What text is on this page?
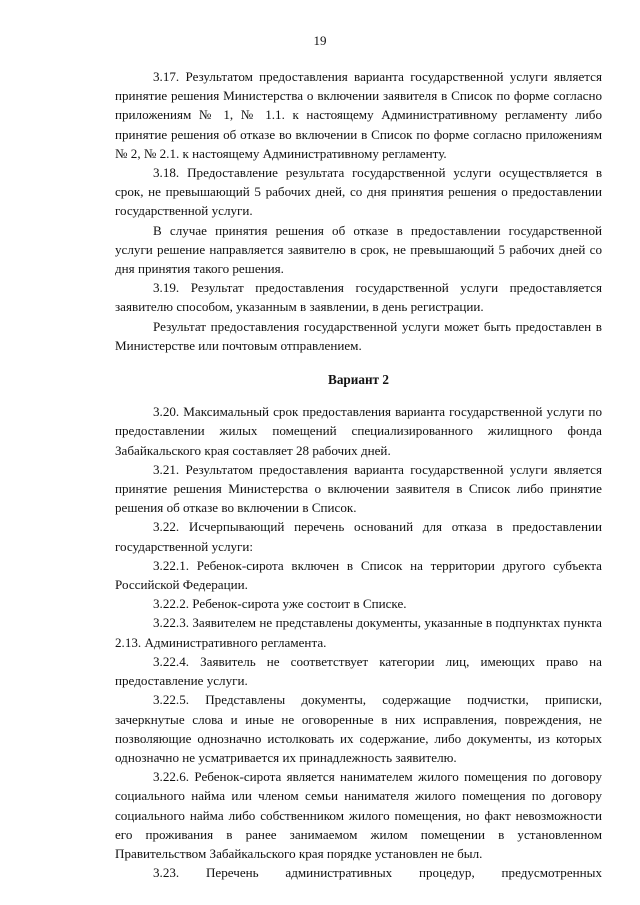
19

3.17. Результатом предоставления варианта государственной услуги является принятие решения Министерства о включении заявителя в Список по форме согласно приложениям № 1, № 1.1. к настоящему Административному регламенту либо принятие решения об отказе во включении в Список по форме согласно приложениям № 2, № 2.1. к настоящему Административному регламенту.

3.18. Предоставление результата государственной услуги осуществляется в срок, не превышающий 5 рабочих дней, со дня принятия решения о предоставлении государственной услуги.

В случае принятия решения об отказе в предоставлении государственной услуги решение направляется заявителю в срок, не превышающий 5 рабочих дней со дня принятия такого решения.

3.19. Результат предоставления государственной услуги предоставляется заявителю способом, указанным в заявлении, в день регистрации.

Результат предоставления государственной услуги может быть предоставлен в Министерстве или почтовым отправлением.

Вариант 2

3.20. Максимальный срок предоставления варианта государственной услуги по предоставлении жилых помещений специализированного жилищного фонда Забайкальского края составляет 28 рабочих дней.

3.21. Результатом предоставления варианта государственной услуги является принятие решения Министерства о включении заявителя в Список либо принятие решения об отказе во включении в Список.

3.22. Исчерпывающий перечень оснований для отказа в предоставлении государственной услуги:

3.22.1. Ребенок-сирота включен в Список на территории другого субъекта Российской Федерации.

3.22.2. Ребенок-сирота уже состоит в Списке.

3.22.3. Заявителем не представлены документы, указанные в подпунктах пункта 2.13. Административного регламента.

3.22.4. Заявитель не соответствует категории лиц, имеющих право на предоставление услуги.

3.22.5. Представлены документы, содержащие подчистки, приписки, зачеркнутые слова и иные не оговоренные в них исправления, повреждения, не позволяющие однозначно истолковать их содержание, либо документы, из которых однозначно не усматривается их принадлежность заявителю.

3.22.6. Ребенок-сирота является нанимателем жилого помещения по договору социального найма или членом семьи нанимателя жилого помещения по договору социального найма либо собственником жилого помещения, но факт невозможности его проживания в ранее занимаемом жилом помещении в установленном Правительством Забайкальского края порядке установлен не был.

3.23. Перечень административных процедур, предусмотренных
